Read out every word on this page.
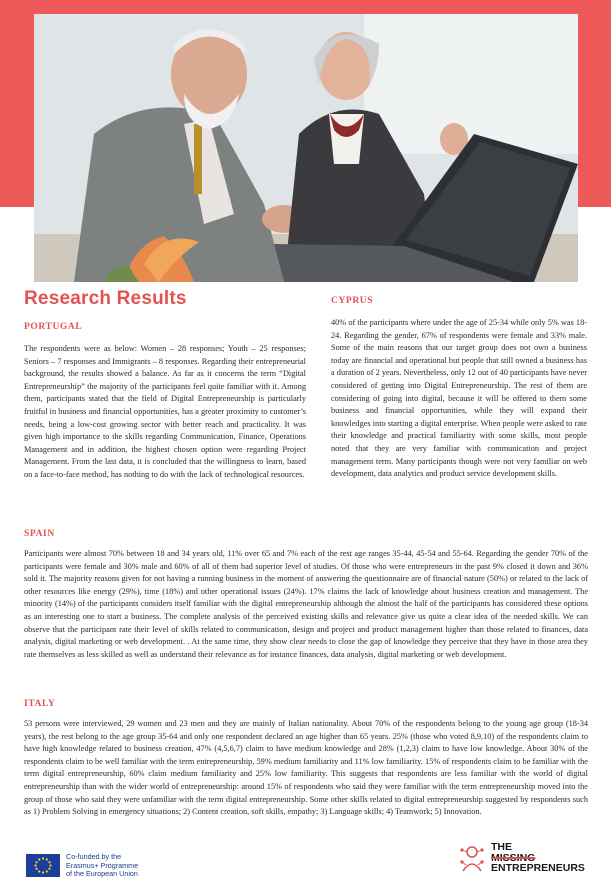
Research Results
PORTUGAL
The respondents were as below: Women – 28 responses; Youth – 25 responses; Seniors – 7 responses and Immigrants – 8 responses. Regarding their entrepreneurial background, the results showed a balance. As far as it concerns the term “Digital Entrepreneurship” the majority of the participants feel quite familiar with it. Among them, participants stated that the field of Digital Entrepreneurship is particularly fruitful in business and financial opportunities, has a greater proximity to customer’s needs, being a low-cost growing sector with better reach and practicality. It was given high importance to the skills regarding Communication, Finance, Operations Management and in addition, the highest chosen option were regarding Project Management. From the last data, it is concluded that the willingness to learn, based on a face-to-face method, has nothing to do with the lack of technological resources.
CYPRUS
40% of the participants where under the age of 25-34 while only 5% was 18-24. Regarding the gender, 67% of respondents were female and 33% male. Some of the main reasons that our target group does not own a business today are financial and operational but people that still owned a business has a duration of 2 years. Nevertheless, only 12 out of 40 participants have never considered of getting into Digital Entrepreneurship. The rest of them are considering of going into digital, because it will be offered to them some business and financial opportunities, while they will expand their knowledges into starting a digital enterprise. When people were asked to rate their knowledge and practical familiarity with some skills, most people noted that they are very familiar with communication and project management term. Many participants though were not very familiar on web development, data analytics and product service development skills.
SPAIN
Participants were almost 70% between 18 and 34 years old, 11% over 65 and 7% each of the rest age ranges 35-44, 45-54 and 55-64. Regarding the gender 70% of the participants were female and 30% male and 60% of all of them had superior level of studies. Of those who were entrepreneurs in the past 9% closed it down and 36% sold it. The majority reasons given for not having a running business in the moment of answering the questionnaire are of financial nature (50%) or related to the lack of other resources like energy (29%), time (18%) and other operational issues (24%). 17% claims the lack of knowledge about business creation and management. The minority (14%) of the participants considers itself familiar with the digital entrepreneurship although the almost the half of the participants has considered these options as an interesting one to start a business. The complete analysis of the perceived existing skills and relevance give us quite a clear idea of the needed skills. We can observe that the participant rate their level of skills related to communication, design and project and product management higher than those related to finances, data analysis, digital marketing or web development. . At the same time, they show clear needs to close the gap of knowledge they perceive that they have in those area they rate themselves as less skilled as well as understand their relevance as for instance finances, data analysis, digital marketing or web development.
ITALY
53 persons were interviewed, 29 women and 23 men and they are mainly of Italian nationality. About 70% of the respondents belong to the young age group (18-34 years), the rest belong to the age group 35-64 and only one respondent declared an age higher than 65 years. 25% (those who voted 8,9,10) of the respondents claim to have high knowledge related to business creation, 47% (4,5,6,7) claim to have medium knowledge and 28% (1,2,3) claim to have low knowledge. About 30% of the respondents claim to be well familiar with the term entrepreneurship, 59% medium familiarity and 11% low familiarity. 15% of respondents claim to be familiar with the term digital entrepreneurship, 60% claim medium familiarity and 25% low familiarity. This suggests that respondents are less familiar with the world of digital entrepreneurship than with the wider world of entrepreneurship: around 15% of respondents who said they were familiar with the term entrepreneurship moved into the group of those who said they were unfamiliar with the term digital entrepreneurship. Some other skills related to digital entrepreneurship suggested by respondents such as 1) Problem Solving in emergency situations; 2) Content creation, soft skills, empathy; 3) Language skills; 4) Teamwork; 5) Innovation.
Co-funded by the
Erasmus+ Programme
of the European Union
THE
MISSING
ENTREPRENEURS
